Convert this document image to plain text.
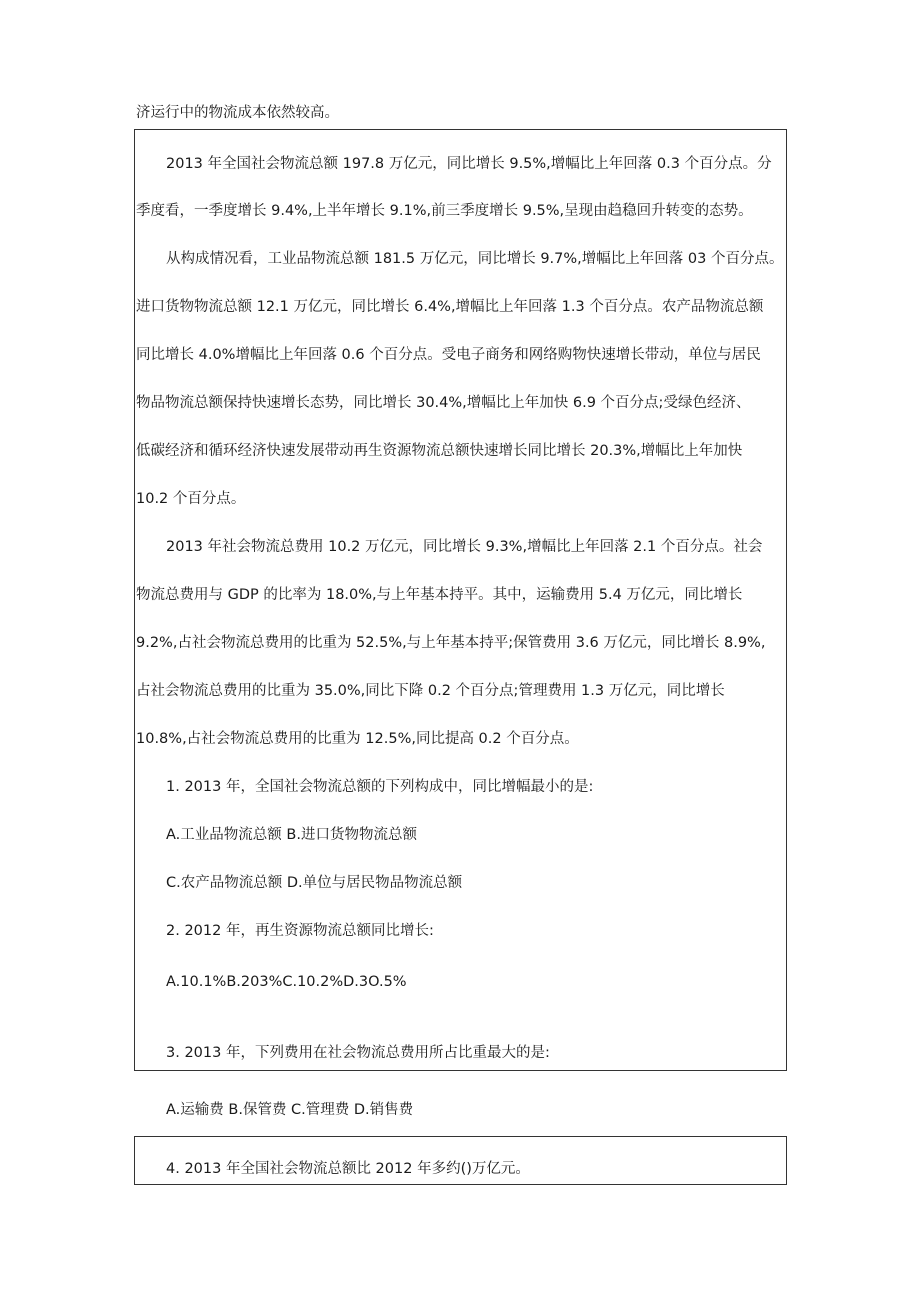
济运行中的物流成本依然较高。
2013 年全国社会物流总额 197.8 万亿元，同比增长 9.5%,增幅比上年回落 0.3 个百分点。分
季度看，一季度增长 9.4%,上半年增长 9.1%,前三季度增长 9.5%,呈现由趋稳回升转变的态势。
从构成情况看，工业品物流总额 181.5 万亿元，同比增长 9.7%,增幅比上年回落 03 个百分点。
进口货物物流总额 12.1 万亿元，同比增长 6.4%,增幅比上年回落 1.3 个百分点。农产品物流总额
同比增长 4.0%增幅比上年回落 0.6 个百分点。受电子商务和网络购物快速增长带动，单位与居民
物品物流总额保持快速增长态势，同比增长 30.4%,增幅比上年加快 6.9 个百分点;受绿色经济、
低碳经济和循环经济快速发展带动再生资源物流总额快速增长同比增长 20.3%,增幅比上年加快
10.2 个百分点。
2013 年社会物流总费用 10.2 万亿元，同比增长 9.3%,增幅比上年回落 2.1 个百分点。社会
物流总费用与 GDP 的比率为 18.0%,与上年基本持平。其中，运输费用 5.4 万亿元，同比增长
9.2%,占社会物流总费用的比重为 52.5%,与上年基本持平;保管费用 3.6 万亿元，同比增长 8.9%,
占社会物流总费用的比重为 35.0%,同比下降 0.2 个百分点;管理费用 1.3 万亿元，同比增长
10.8%,占社会物流总费用的比重为 12.5%,同比提高 0.2 个百分点。
1. 2013 年，全国社会物流总额的下列构成中，同比增幅最小的是:
A.工业品物流总额 B.进口货物物流总额
C.农产品物流总额 D.单位与居民物品物流总额
2. 2012 年，再生资源物流总额同比增长:
A.10.1%B.203%C.10.2%D.3O.5%
3. 2013 年，下列费用在社会物流总费用所占比重最大的是:
A.运输费 B.保管费 C.管理费 D.销售费
4. 2013 年全国社会物流总额比 2012 年多约()万亿元。
